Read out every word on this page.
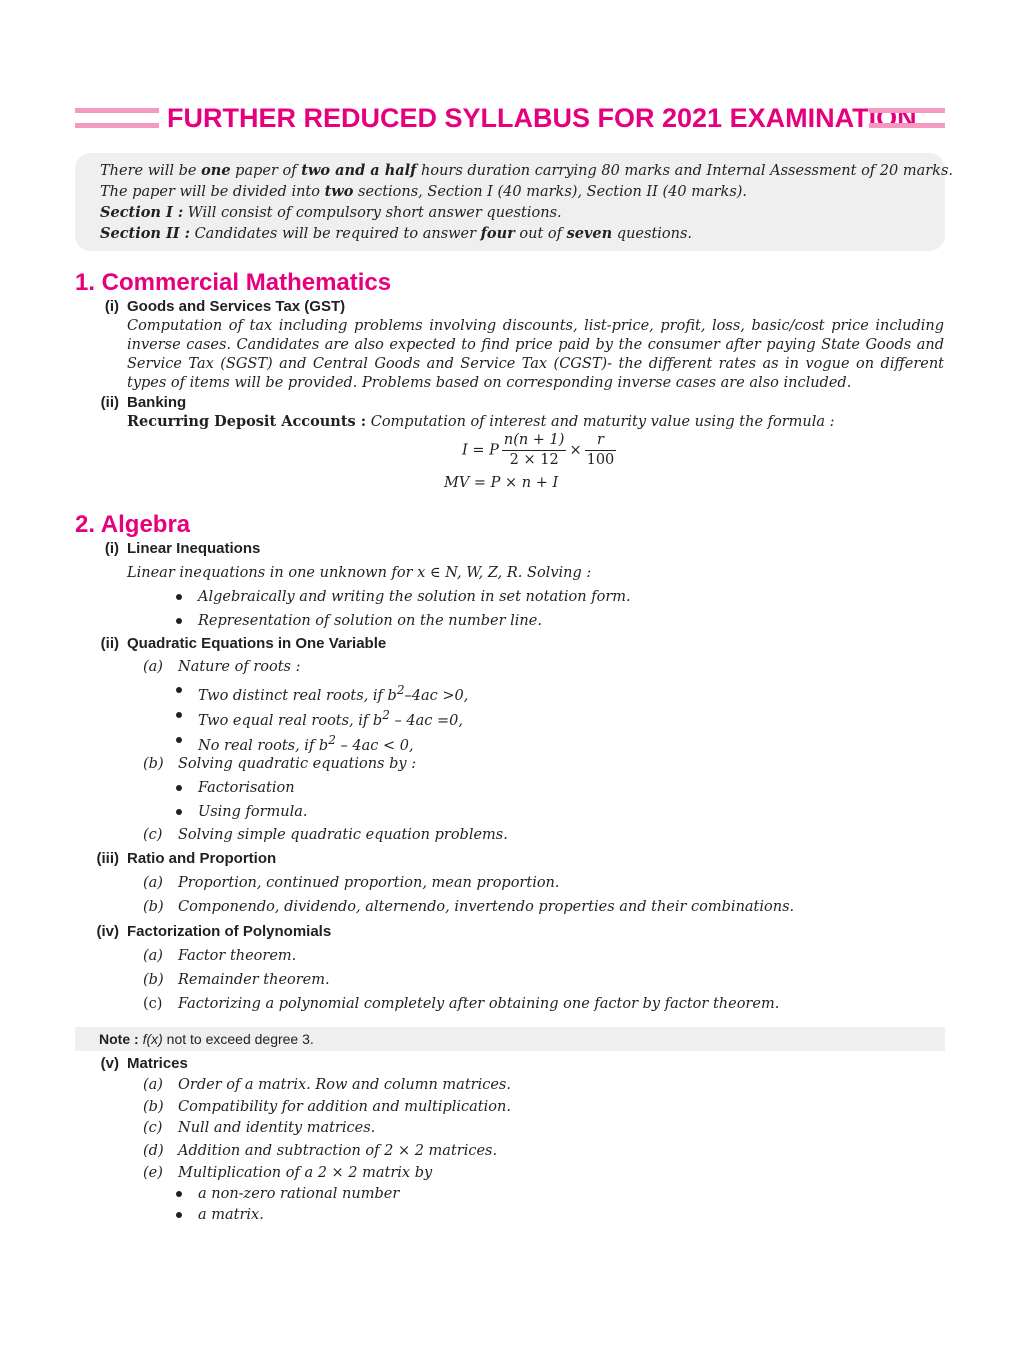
FURTHER REDUCED SYLLABUS FOR 2021 EXAMINATION
There will be one paper of two and a half hours duration carrying 80 marks and Internal Assessment of 20 marks.
The paper will be divided into two sections, Section I (40 marks), Section II (40 marks).
Section I : Will consist of compulsory short answer questions.
Section II : Candidates will be required to answer four out of seven questions.
1. Commercial Mathematics
(i) Goods and Services Tax (GST)
Computation of tax including problems involving discounts, list-price, profit, loss, basic/cost price including inverse cases. Candidates are also expected to find price paid by the consumer after paying State Goods and Service Tax (SGST) and Central Goods and Service Tax (CGST)- the different rates as in vogue on different types of items will be provided. Problems based on corresponding inverse cases are also included.
(ii) Banking
Recurring Deposit Accounts : Computation of interest and maturity value using the formula :
I = P $\frac{n(n + 1)}{2 \times 12} \times \frac{r}{100}$
MV = P × n + I
2. Algebra
(i) Linear Inequations
Linear inequations in one unknown for x ∈ N, W, Z, R. Solving :
Algebraically and writing the solution in set notation form.
Representation of solution on the number line.
(ii) Quadratic Equations in One Variable
(a) Nature of roots :
Two distinct real roots, if $b^2-4ac >0$,
Two equal real roots, if $b^2 - 4ac =0$,
No real roots, if $b^2 - 4ac < 0$,
(b) Solving quadratic equations by :
Factorisation
Using formula.
(c) Solving simple quadratic equation problems.
(iii) Ratio and Proportion
(a) Proportion, continued proportion, mean proportion.
(b) Componendo, dividendo, alternendo, invertendo properties and their combinations.
(iv) Factorization of Polynomials
(a) Factor theorem.
(b) Remainder theorem.
(c) Factorizing a polynomial completely after obtaining one factor by factor theorem.
Note : f(x) not to exceed degree 3.
(v) Matrices
(a) Order of a matrix. Row and column matrices.
(b) Compatibility for addition and multiplication.
(c) Null and identity matrices.
(d) Addition and subtraction of 2 × 2 matrices.
(e) Multiplication of a 2 × 2 matrix by
a non-zero rational number
a matrix.
